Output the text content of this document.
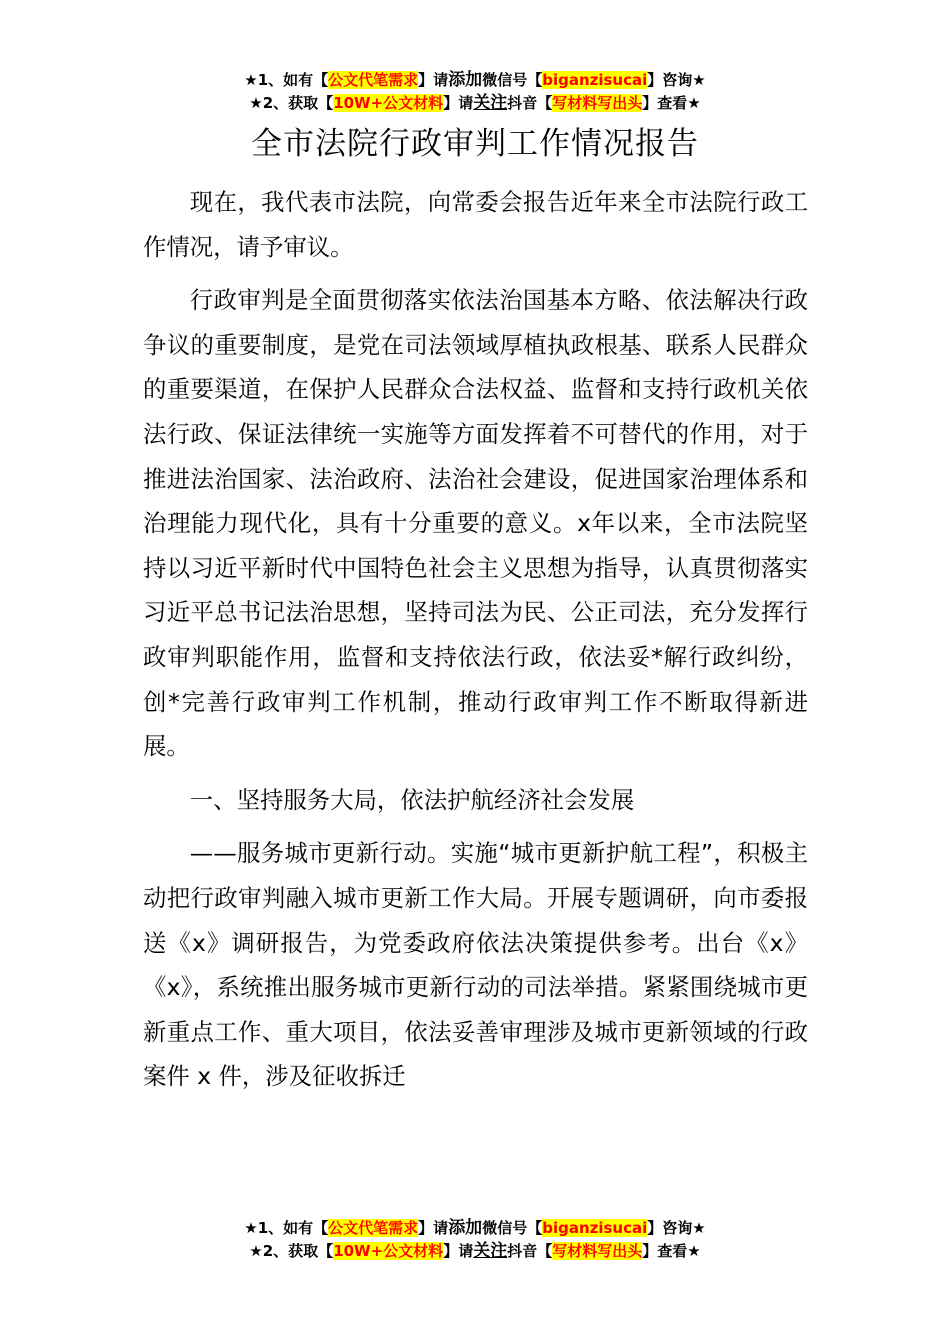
★1、如有【公文代笔需求】请添加微信号【biganzisucai】咨询★
★2、获取【10W+公文材料】请关注抖音【写材料写出头】查看★
全市法院行政审判工作情况报告

现在，我代表市法院，向常委会报告近年来全市法院行政工作情况，请予审议。

行政审判是全面贯彻落实依法治国基本方略、依法解决行政争议的重要制度，是党在司法领域厚植执政根基、联系人民群众的重要渠道，在保护人民群众合法权益、监督和支持行政机关依法行政、保证法律统一实施等方面发挥着不可替代的作用，对于推进法治国家、法治政府、法治社会建设，促进国家治理体系和治理能力现代化，具有十分重要的意义。x年以来，全市法院坚持以习近平新时代中国特色社会主义思想为指导，认真贯彻落实习近平总书记法治思想，坚持司法为民、公正司法，充分发挥行政审判职能作用，监督和支持依法行政，依法妥*解行政纠纷，创*完善行政审判工作机制，推动行政审判工作不断取得新进展。

一、坚持服务大局，依法护航经济社会发展

——服务城市更新行动。实施“城市更新护航工程”，积极主动把行政审判融入城市更新工作大局。开展专题调研，向市委报送《x》调研报告，为党委政府依法决策提供参考。出台《x》《x》，系统推出服务城市更新行动的司法举措。紧紧围绕城市更新重点工作、重大项目，依法妥善审理涉及城市更新领域的行政案件 x 件，涉及征收拆迁

★1、如有【公文代笔需求】请添加微信号【biganzisucai】咨询★
★2、获取【10W+公文材料】请关注抖音【写材料写出头】查看★
